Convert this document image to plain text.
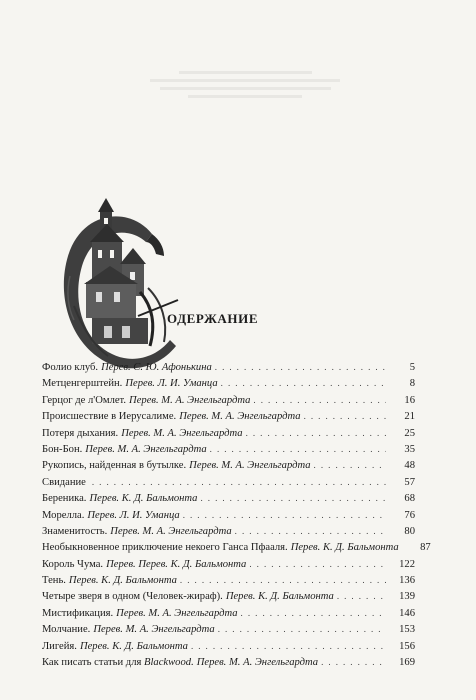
одержание
Фолио клуб. Перев. С. Ю. Афонькина . . .	5
Метценгерштейн. Перев. Л. И. Уманца . . .	8
Герцог де л'Омлет. Перев. М. А. Энгельгардта . . .	16
Происшествие в Иерусалиме. Перев. М. А. Энгельгардта . . .	21
Потеря дыхания. Перев. М. А. Энгельгардта . . .	25
Бон-Бон. Перев. М. А. Энгельгардта . . .	35
Рукопись, найденная в бутылке. Перев. М. А. Энгельгардта . . .	48
Свидание . . .	57
Береника. Перев. К. Д. Бальмонта . . .	68
Морелла. Перев. Л. И. Уманца . . .	76
Знаменитость. Перев. М. А. Энгельгардта . . .	80
Необыкновенное приключение некоего Ганса Пфааля. Перев. К. Д. Бальмонта	87
Король Чума. Перев. Перев. К. Д. Бальмонта . . .	122
Тень. Перев. К. Д. Бальмонта . . .	136
Четыре зверя в одном (Человек-жираф). Перев. К. Д. Бальмонта . . .	139
Мистификация. Перев. М. А. Энгельгардта . . .	146
Молчание. Перев. М. А. Энгельгардта . . .	153
Лигейя. Перев. К. Д. Бальмонта . . .	156
Как писать статьи для Blackwood. Перев. М. А. Энгельгардта . . .	169
